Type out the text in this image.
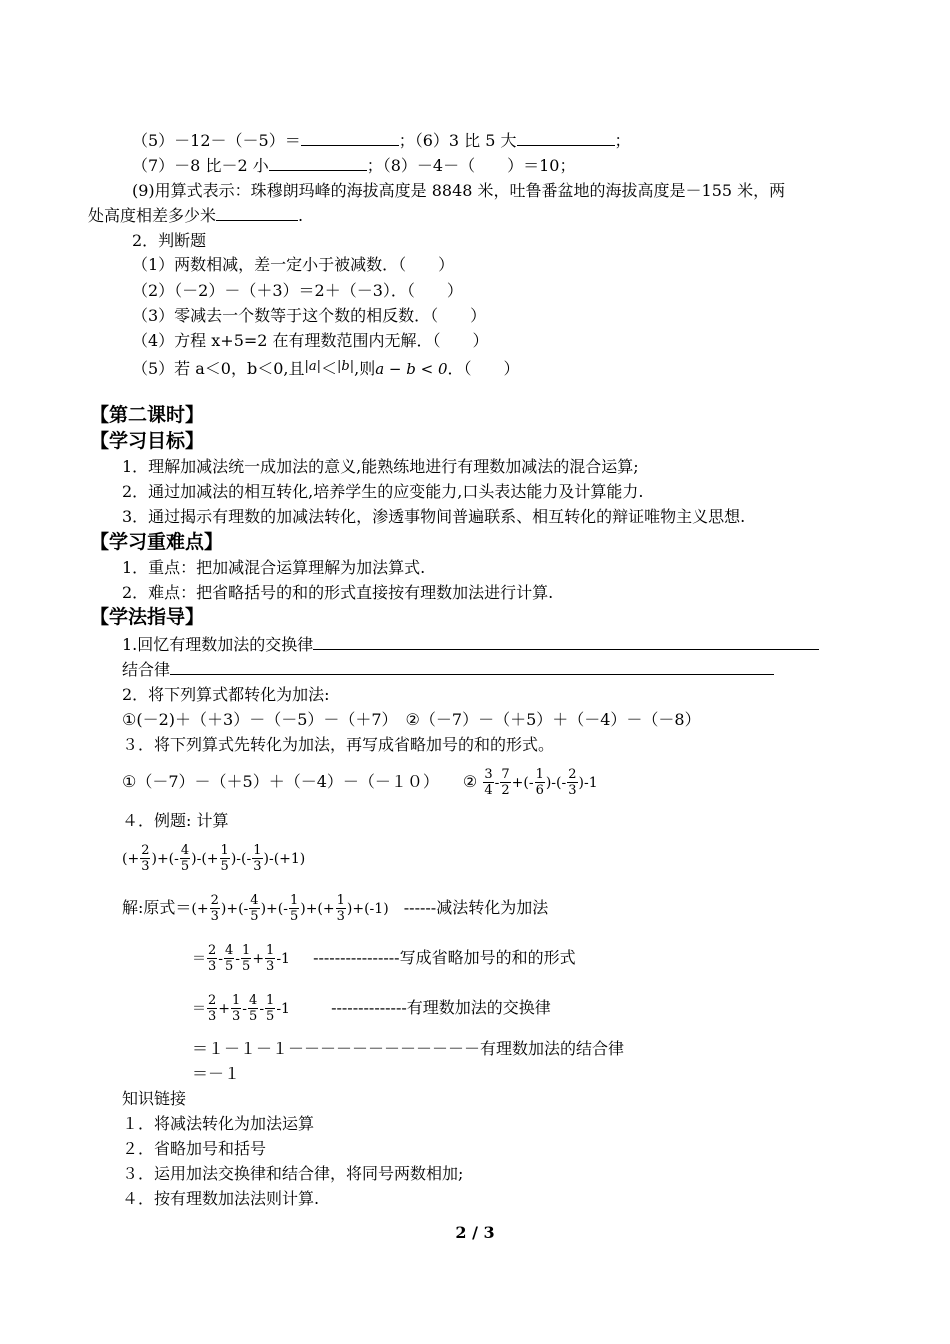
（5）－12－（－5）＝	；（6）3 比 5 大	；
（7）－8 比－2 小	；（8）－4－（　　）＝10；
(9)用算式表示：珠穆朗玛峰的海拔高度是 8848 米，吐鲁番盆地的海拔高度是－155 米，两
处高度相差多少米	.
2．判断题
（1）两数相减，差一定小于被减数．（　　）
（2）（－2）－（＋3）＝2＋（－3）．（　　）
（3）零减去一个数等于这个数的相反数．（　　）
（4）方程 x+5=2 在有理数范围内无解．（　　）
（5）若 a＜0，b＜0,且$^{|a|}$＜$^{|b|}$,则a − b < 0．（　　）
【第二课时】
【学习目标】
1．理解加减法统一成加法的意义,能熟练地进行有理数加减法的混合运算;
2．通过加减法的相互转化,培养学生的应变能力,口头表达能力及计算能力.
3．通过揭示有理数的加减法转化，渗透事物间普遍联系、相互转化的辩证唯物主义思想.
【学习重难点】
1．重点：把加减混合运算理解为加法算式.
2．难点：把省略括号的和的形式直接按有理数加法进行计算.
【学法指导】
1.回忆有理数加法的交换律
结合律
2．将下列算式都转化为加法:
①(－2)＋（＋3）－（－5）－（＋7）　②（－7）－（＋5）＋（－4）－（－8）
３．将下列算式先转化为加法，再写成省略加号的和的形式。
①（－7）－（＋5）＋（－4）－（－１０）　　② $\frac{3}{4} - \frac{7}{2}$ +(- $\frac{1}{6}$ )-(- $\frac{2}{3} )-1$
４．例题: 计算
(+ $\frac{2}{3}$ )+(- $\frac{4}{5}$ )-(+ $\frac{1}{5}$ )-(- $\frac{1}{3} )-(+1)$
解:原式＝(+ $\frac{2}{3}$ )+(- $\frac{4}{5}$ )+(- $\frac{1}{5}$ )+(+ $\frac{1}{3} )+(-1)$ ------减法转化为加法
＝ $\frac{2}{3} - \frac{4}{5} - \frac{1}{5} + \frac{1}{3} -1$ ----------------写成省略加号的和的形式
＝ $\frac{2}{3} + \frac{1}{3} - \frac{4}{5} - \frac{1}{5} -1$	--------------有理数加法的交换律
＝１－１－１－－－－－－－－－－－－有理数加法的结合律
＝－１
知识链接
１．将减法转化为加法运算
２．省略加号和括号
３．运用加法交换律和结合律，将同号两数相加;
４．按有理数加法法则计算.
2 / 3
